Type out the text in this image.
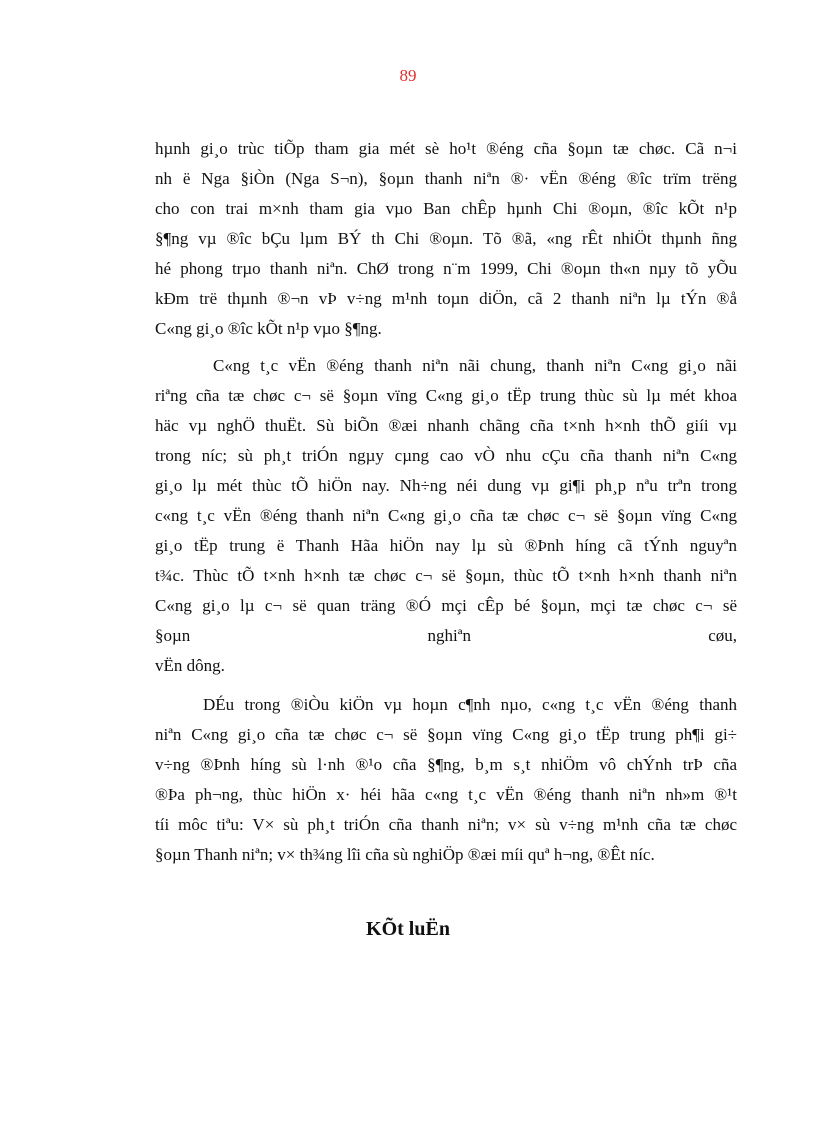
89
hµnh gi¸o trùc tiÕp tham gia mét sè ho¹t ®éng cña §oµn tæ chøc. Cã n¬i
nh ë Nga §iÒn (Nga S¬n), §oµn thanh niªn ®· vËn ®éng ®îc trïm trëng
cho con trai m×nh tham gia vµo Ban chÊp hµnh Chi ®oµn, ®îc kÕt n¹p
§¶ng vµ ®îc bÇu lµm BÝ th Chi ®oµn. Tõ ®ã, «ng rÊt nhiÖt thµnh ñng
hé phong trµo thanh niªn. ChØ trong n¨m 1999, Chi ®oµn th«n nµy tõ yÕu
kÐm trë thµnh ®¬n vÞ v÷ng m¹nh toµn diÖn, cã 2 thanh niªn lµ tÝn ®å
C«ng gi¸o ®îc kÕt n¹p vµo §¶ng.
C«ng t¸c vËn ®éng thanh niªn nãi chung, thanh niªn C«ng gi¸o nãi
riªng cña tæ chøc c¬ së §oµn vïng C«ng gi¸o tËp trung thùc sù lµ mét khoa
häc vµ nghÖ thuËt. Sù biÕn ®æi nhanh chãng cña t×nh h×nh thÕ giíi vµ
trong níc; sù ph¸t triÓn ngµy cµng cao vÒ nhu cÇu cña thanh niªn C«ng
gi¸o lµ mét thùc tÕ hiÖn nay. Nh÷ng néi dung vµ gi¶i ph¸p nªu trªn trong
c«ng t¸c vËn ®éng thanh niªn C«ng gi¸o cña tæ chøc c¬ së §oµn vïng C«ng
gi¸o tËp trung ë Thanh Hãa hiÖn nay lµ sù ®Þnh híng cã tÝnh nguyªn
t¾c. Thùc tÕ t×nh h×nh tæ chøc c¬ së §oµn, thùc tÕ t×nh h×nh thanh niªn
C«ng gi¸o lµ c¬ së quan träng ®Ó mçi cÊp bé §oµn, mçi tæ chøc c¬ së
§oµn nghiªn cøu,
vËn dông.
DÉu trong ®iÒu kiÖn vµ hoµn c¶nh nµo, c«ng t¸c vËn ®éng thanh
niªn C«ng gi¸o cña tæ chøc c¬ së §oµn vïng C«ng gi¸o tËp trung ph¶i gi÷
v÷ng ®Þnh híng sù l·nh ®¹o cña §¶ng, b¸m s¸t nhiÖm vô chÝnh trÞ cña
®Þa ph¬ng, thùc hiÖn x· héi hãa c«ng t¸c vËn ®éng thanh niªn nh»m ®¹t
tíi môc tiªu: V× sù ph¸t triÓn cña thanh niªn; v× sù v÷ng m¹nh cña tæ chøc
§oµn Thanh niªn; v× th¾ng lîi cña sù nghiÖp ®æi míi quª h¬ng, ®Êt níc.
KÕt luËn
